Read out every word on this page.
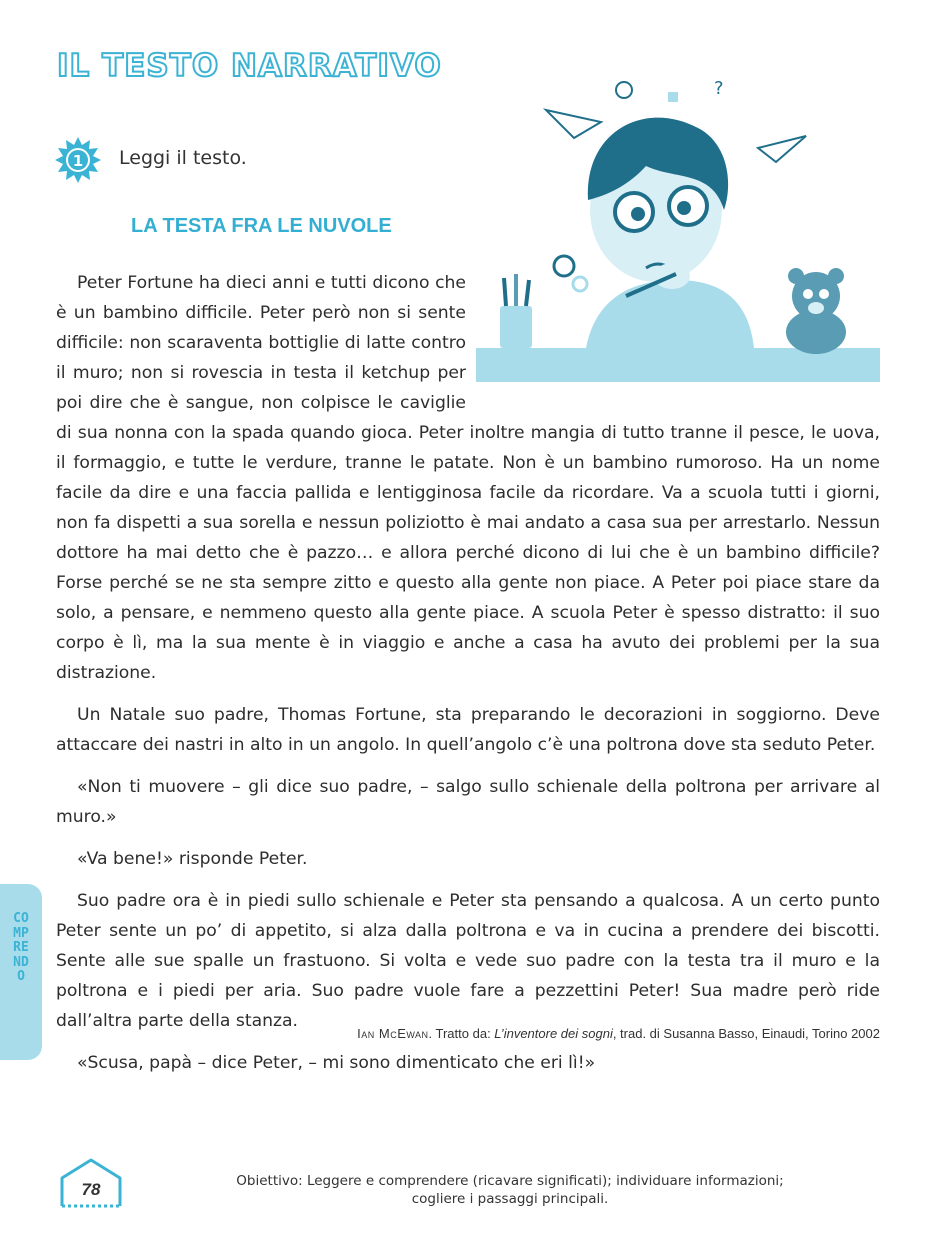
IL TESTO NARRATIVO
1 Leggi il testo.
LA TESTA FRA LE NUVOLE
?

Peter Fortune ha dieci anni e tutti dicono che è un bambino difficile. Peter però non si sente difficile: non scaraventa bottiglie di latte contro il muro; non si rovescia in testa il ketchup per poi dire che è sangue, non colpisce le caviglie di sua nonna con la spada quando gioca. Peter inoltre mangia di tutto tranne il pesce, le uova, il formaggio, e tutte le verdure, tranne le patate. Non è un bambino rumoroso. Ha un nome facile da dire e una faccia pallida e lentigginosa facile da ricordare. Va a scuola tutti i giorni, non fa dispetti a sua sorella e nessun poliziotto è mai andato a casa sua per arrestarlo. Nessun dottore ha mai detto che è pazzo… e allora perché dicono di lui che è un bambino difficile? Forse perché se ne sta sempre zitto e questo alla gente non piace. A Peter poi piace stare da solo, a pensare, e nemmeno questo alla gente piace. A scuola Peter è spesso distratto: il suo corpo è lì, ma la sua mente è in viaggio e anche a casa ha avuto dei problemi per la sua distrazione.

Un Natale suo padre, Thomas Fortune, sta preparando le decorazioni in soggiorno. Deve attaccare dei nastri in alto in un angolo. In quell’angolo c’è una poltrona dove sta seduto Peter.

«Non ti muovere – gli dice suo padre, – salgo sullo schienale della poltrona per arrivare al muro.»

«Va bene!» risponde Peter.

Suo padre ora è in piedi sullo schienale e Peter sta pensando a qualcosa. A un certo punto Peter sente un po’ di appetito, si alza dalla poltrona e va in cucina a prendere dei biscotti. Sente alle sue spalle un frastuono. Si volta e vede suo padre con la testa tra il muro e la poltrona e i piedi per aria. Suo padre vuole fare a pezzettini Peter! Sua madre però ride dall’altra parte della stanza.

«Scusa, papà – dice Peter, – mi sono dimenticato che eri lì!»

Ian McEwan. Tratto da: L’inventore dei sogni, trad. di Susanna Basso, Einaudi, Torino 2002
COMPRENDO
78	Obiettivo: Leggere e comprendere (ricavare significati); individuare informazioni;
cogliere i passaggi principali.
